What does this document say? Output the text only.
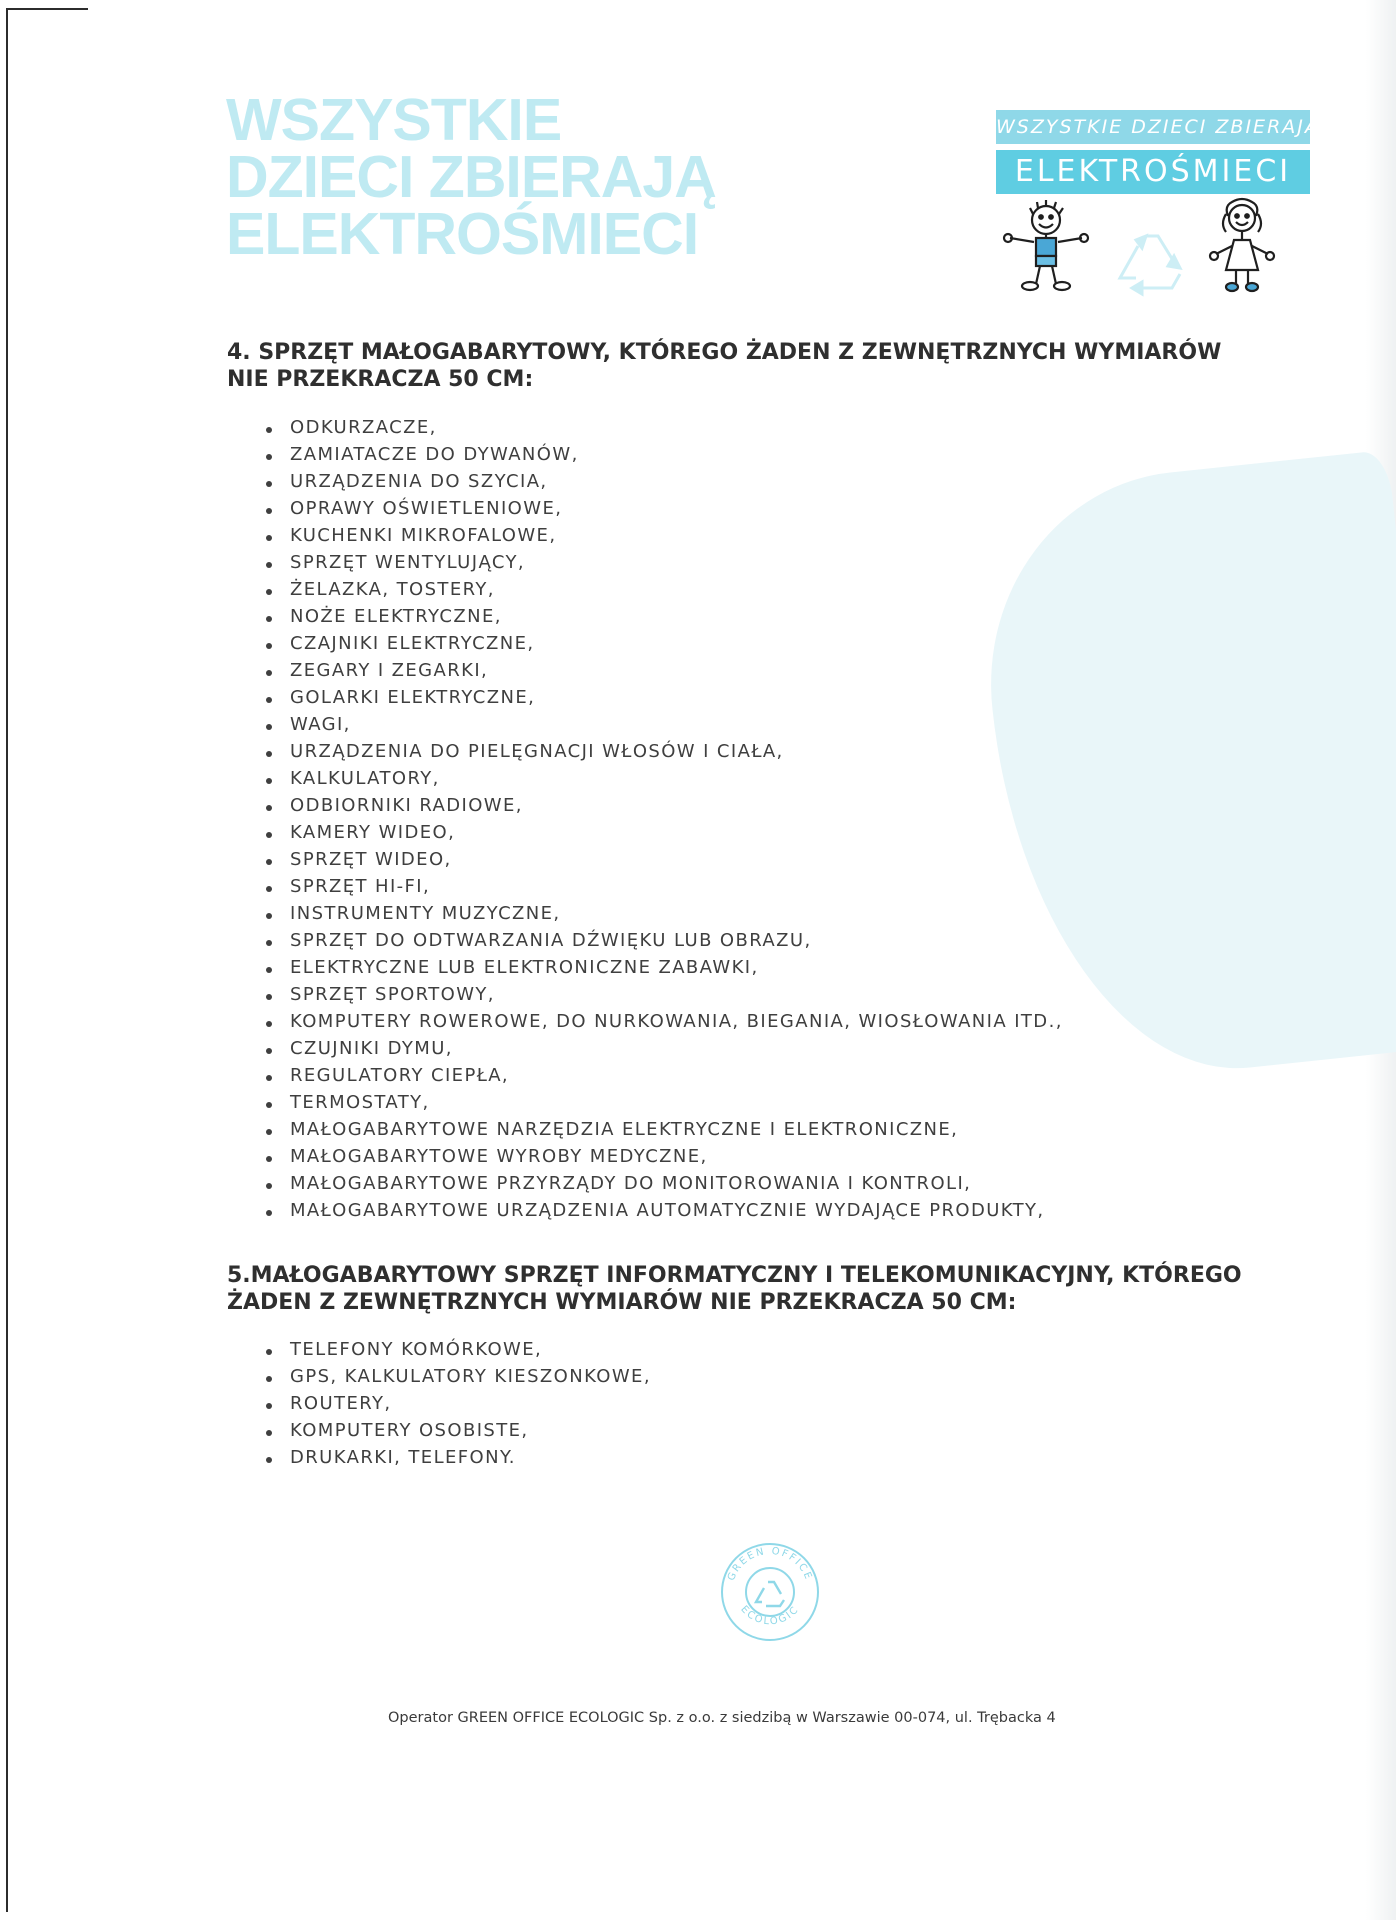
WSZYSTKIE
DZIECI ZBIERAJĄ
ELEKTROŚMIECI
WSZYSTKIE DZIECI ZBIERAJĄ
ELEKTROŚMIECI
4. SPRZĘT MAŁOGABARYTOWY, KTÓREGO ŻADEN Z ZEWNĘTRZNYCH WYMIARÓW
NIE PRZEKRACZA 50 CM:
ODKURZACZE,
ZAMIATACZE DO DYWANÓW,
URZĄDZENIA DO SZYCIA,
OPRAWY OŚWIETLENIOWE,
KUCHENKI MIKROFALOWE,
SPRZĘT WENTYLUJĄCY,
ŻELAZKA, TOSTERY,
NOŻE ELEKTRYCZNE,
CZAJNIKI ELEKTRYCZNE,
ZEGARY I ZEGARKI,
GOLARKI ELEKTRYCZNE,
WAGI,
URZĄDZENIA DO PIELĘGNACJI WŁOSÓW I CIAŁA,
KALKULATORY,
ODBIORNIKI RADIOWE,
KAMERY WIDEO,
SPRZĘT WIDEO,
SPRZĘT HI-FI,
INSTRUMENTY MUZYCZNE,
SPRZĘT DO ODTWARZANIA DŹWIĘKU LUB OBRAZU,
ELEKTRYCZNE LUB ELEKTRONICZNE ZABAWKI,
SPRZĘT SPORTOWY,
KOMPUTERY ROWEROWE, DO NURKOWANIA, BIEGANIA, WIOSŁOWANIA ITD.,
CZUJNIKI DYMU,
REGULATORY CIEPŁA,
TERMOSTATY,
MAŁOGABARYTOWE NARZĘDZIA ELEKTRYCZNE I ELEKTRONICZNE,
MAŁOGABARYTOWE WYROBY MEDYCZNE,
MAŁOGABARYTOWE PRZYRZĄDY DO MONITOROWANIA I KONTROLI,
MAŁOGABARYTOWE URZĄDZENIA AUTOMATYCZNIE WYDAJĄCE PRODUKTY,
5.MAŁOGABARYTOWY SPRZĘT INFORMATYCZNY I TELEKOMUNIKACYJNY, KTÓREGO
ŻADEN Z ZEWNĘTRZNYCH WYMIARÓW NIE PRZEKRACZA 50 CM:
TELEFONY KOMÓRKOWE,
GPS, KALKULATORY KIESZONKOWE,
ROUTERY,
KOMPUTERY OSOBISTE,
DRUKARKI, TELEFONY.
GREEN OFFICE
ECOLOGIC
Operator GREEN OFFICE ECOLOGIC Sp. z o.o. z siedzibą w Warszawie 00-074, ul. Trębacka 4
